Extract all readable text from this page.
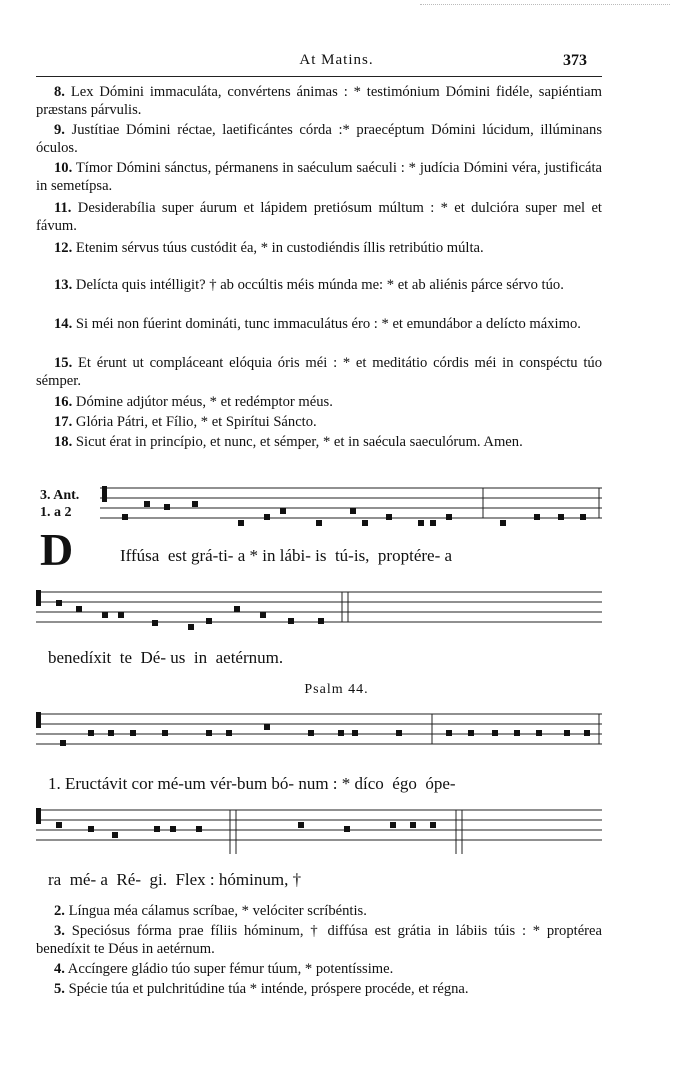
At Matins.	373
8. Lex Dómini immaculáta, convértens ánimas : * testimónium Dómini fidéle, sapiéntiam præstans párvulis.
9. Justítiae Dómini réctae, laetificántes córda :* praecéptum Dómini lúcidum, illúminans óculos.
10. Tímor Dómini sánctus, pérmanens in saéculum saéculi : * judícia Dómini véra, justificáta in semetípsa.
11. Desiderabília super áurum et lápidem pretiósum múltum : * et dulcióra super mel et fávum.
12. Etenim sérvus túus custódit éa, * in custodiéndis íllis retribútio múlta.
13. Delícta quis intélligit? † ab occúltis méis múnda me: * et ab aliénis párce sérvo túo.
14. Si méi non fúerint domináti, tunc immaculátus éro : * et emundábor a delícto máximo.
15. Et érunt ut compláceant elóquia óris méi : * et meditátio córdis méi in conspéctu túo sémper.
16. Dómine adjútor méus, * et redémptor méus.
17. Glória Pátri, et Fílio, * et Spirítui Sáncto.
18. Sicut érat in princípio, et nunc, et sémper, * et in saécula saeculórum. Amen.
3. Ant.
1. a 2
D	Iffúsa  est grá-ti- a * in lábi- is  tú-is,  proptére- a
benedíxit  te  Dé- us  in  aetérnum.
Psalm 44.
1. Eructávit cor mé-um vér-bum bó- num : * díco  égo  ópe-
ra  mé- a  Ré-  gi.  Flex : hóminum, †
2. Língua méa cálamus scríbae, * velóciter scríbéntis.
3. Speciósus fórma prae fíliis hóminum, † diffúsa est grátia in lábiis túis : * proptérea benedíxit te Déus in aetérnum.
4. Accíngere gládio túo super fémur túum, * potentíssime.
5. Spécie túa et pulchritúdine túa * inténde, próspere procéde, et régna.
